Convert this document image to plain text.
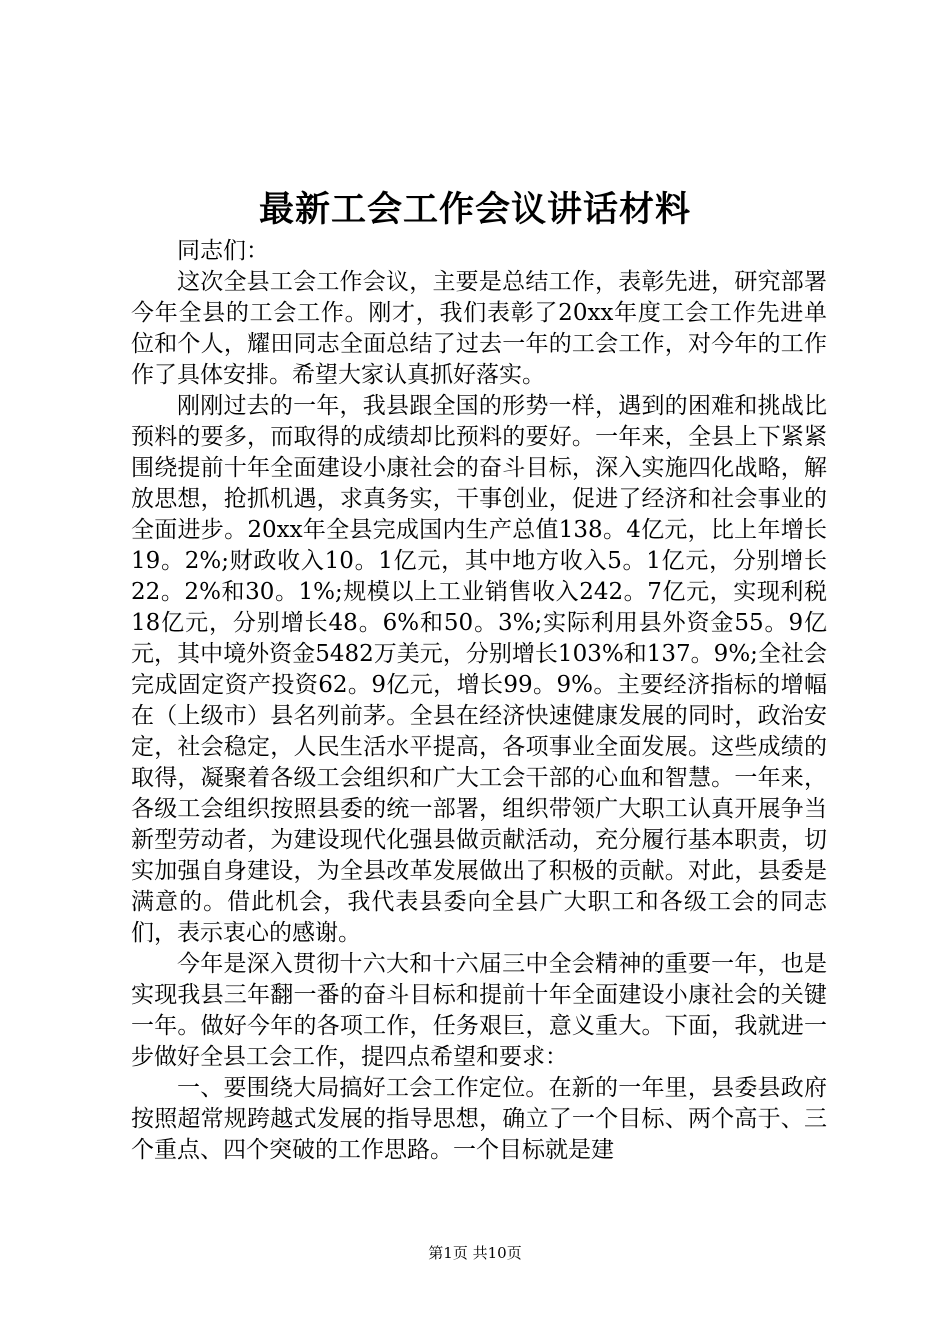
最新工会工作会议讲话材料

同志们：

这次全县工会工作会议，主要是总结工作，表彰先进，研究部署今年全县的工会工作。刚才，我们表彰了20xx年度工会工作先进单位和个人，耀田同志全面总结了过去一年的工会工作，对今年的工作作了具体安排。希望大家认真抓好落实。

刚刚过去的一年，我县跟全国的形势一样，遇到的困难和挑战比预料的要多，而取得的成绩却比预料的要好。一年来，全县上下紧紧围绕提前十年全面建设小康社会的奋斗目标，深入实施四化战略，解放思想，抢抓机遇，求真务实，干事创业，促进了经济和社会事业的全面进步。20xx年全县完成国内生产总值138。4亿元，比上年增长19。2%;财政收入10。1亿元，其中地方收入5。1亿元，分别增长22。2%和30。1%;规模以上工业销售收入242。7亿元，实现利税18亿元，分别增长48。6%和50。3%;实际利用县外资金55。9亿元，其中境外资金5482万美元，分别增长103%和137。9%;全社会完成固定资产投资62。9亿元，增长99。9%。主要经济指标的增幅在（上级市）县名列前茅。全县在经济快速健康发展的同时，政治安定，社会稳定，人民生活水平提高，各项事业全面发展。这些成绩的取得，凝聚着各级工会组织和广大工会干部的心血和智慧。一年来，各级工会组织按照县委的统一部署，组织带领广大职工认真开展争当新型劳动者，为建设现代化强县做贡献活动，充分履行基本职责，切实加强自身建设，为全县改革发展做出了积极的贡献。对此，县委是满意的。借此机会，我代表县委向全县广大职工和各级工会的同志们，表示衷心的感谢。

今年是深入贯彻十六大和十六届三中全会精神的重要一年，也是实现我县三年翻一番的奋斗目标和提前十年全面建设小康社会的关键一年。做好今年的各项工作，任务艰巨，意义重大。下面，我就进一步做好全县工会工作，提四点希望和要求：

一、要围绕大局搞好工会工作定位。在新的一年里，县委县政府按照超常规跨越式发展的指导思想，确立了一个目标、两个高于、三个重点、四个突破的工作思路。一个目标就是建

第1页 共10页
